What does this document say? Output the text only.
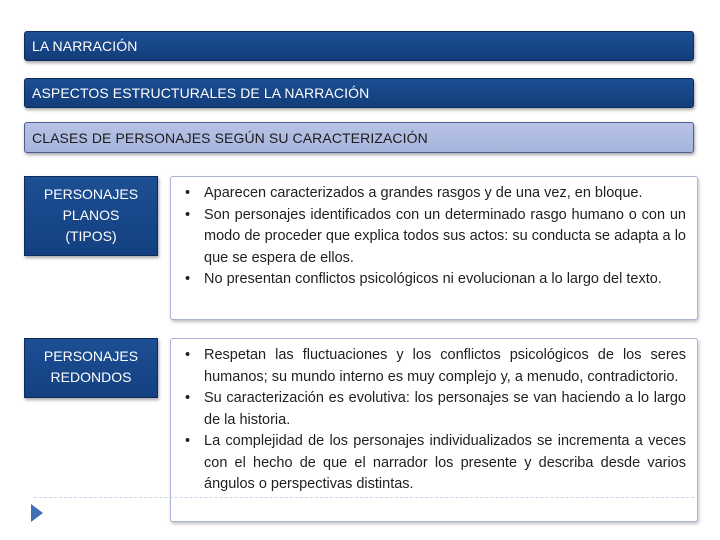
LA NARRACIÓN
ASPECTOS ESTRUCTURALES DE LA NARRACIÓN
CLASES DE PERSONAJES SEGÚN SU CARACTERIZACIÓN
PERSONAJES
PLANOS
(TIPOS)
• Aparecen caracterizados a grandes rasgos y de una vez, en bloque.
• Son personajes identificados con un determinado rasgo humano o con un modo de proceder que explica todos sus actos: su conducta se adapta a lo que se espera de ellos.
• No presentan conflictos psicológicos ni evolucionan a lo largo del texto.
PERSONAJES
REDONDOS
• Respetan las fluctuaciones y los conflictos psicológicos de los seres humanos; su mundo interno es muy complejo y, a menudo, contradictorio.
• Su caracterización es evolutiva: los personajes se van haciendo a lo largo de la historia.
• La complejidad de los personajes individualizados se incrementa a veces con el hecho de que el narrador los presente y describa desde varios ángulos o perspectivas distintas.
